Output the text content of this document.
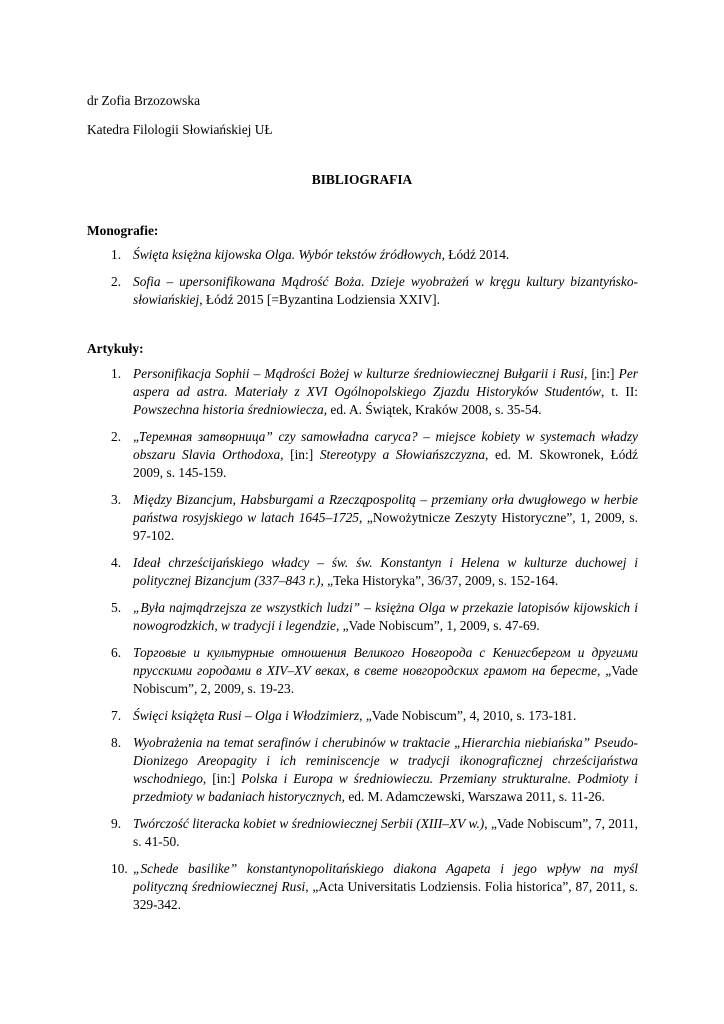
dr Zofia Brzozowska
Katedra Filologii Słowiańskiej UŁ
BIBLIOGRAFIA
Monografie:
1. Święta księżna kijowska Olga. Wybór tekstów źródłowych, Łódź 2014.
2. Sofia – upersonifikowana Mądrość Boża. Dzieje wyobrażeń w kręgu kultury bizantyńsko-słowiańskiej, Łódź 2015 [=Byzantina Lodziensia XXIV].
Artykuły:
1. Personifikacja Sophii – Mądrości Bożej w kulturze średniowiecznej Bułgarii i Rusi, [in:] Per aspera ad astra. Materiały z XVI Ogólnopolskiego Zjazdu Historyków Studentów, t. II: Powszechna historia średniowiecza, ed. A. Świątek, Kraków 2008, s. 35-54.
2. „Теремная затворница” czy samowładna caryca? – miejsce kobiety w systemach władzy obszaru Slavia Orthodoxa, [in:] Stereotypy a Słowiańszczyzna, ed. M. Skowronek, Łódź 2009, s. 145-159.
3. Między Bizancjum, Habsburgami a Rzecząpospolitą – przemiany orła dwugłowego w herbie państwa rosyjskiego w latach 1645–1725, „Nowożytnicze Zeszyty Historyczne”, 1, 2009, s. 97-102.
4. Ideał chrześcijańskiego władcy – św. św. Konstantyn i Helena w kulturze duchowej i politycznej Bizancjum (337–843 r.), „Teka Historyka”, 36/37, 2009, s. 152-164.
5. „Była najmądrzejsza ze wszystkich ludzi” – księżna Olga w przekazie latopisów kijowskich i nowogrodzkich, w tradycji i legendzie, „Vade Nobiscum”, 1, 2009, s. 47-69.
6. Торговые и культурные отношения Великого Новгорода с Кенигсбергом и другими прусскими городами в XIV–XV веках, в свете новгородских грамот на бересте, „Vade Nobiscum”, 2, 2009, s. 19-23.
7. Święci książęta Rusi – Olga i Włodzimierz, „Vade Nobiscum”, 4, 2010, s. 173-181.
8. Wyobrażenia na temat serafinów i cherubinów w traktacie „Hierarchia niebiańska” Pseudo-Dionizego Areopagity i ich reminiscencje w tradycji ikonograficznej chrześcijaństwa wschodniego, [in:] Polska i Europa w średniowieczu. Przemiany strukturalne. Podmioty i przedmioty w badaniach historycznych, ed. M. Adamczewski, Warszawa 2011, s. 11-26.
9. Twórczość literacka kobiet w średniowiecznej Serbii (XIII–XV w.), „Vade Nobiscum”, 7, 2011, s. 41-50.
10. „Schede basilike” konstantynopolitańskiego diakona Agapeta i jego wpływ na myśl polityczną średniowiecznej Rusi, „Acta Universitatis Lodziensis. Folia historica”, 87, 2011, s. 329-342.
